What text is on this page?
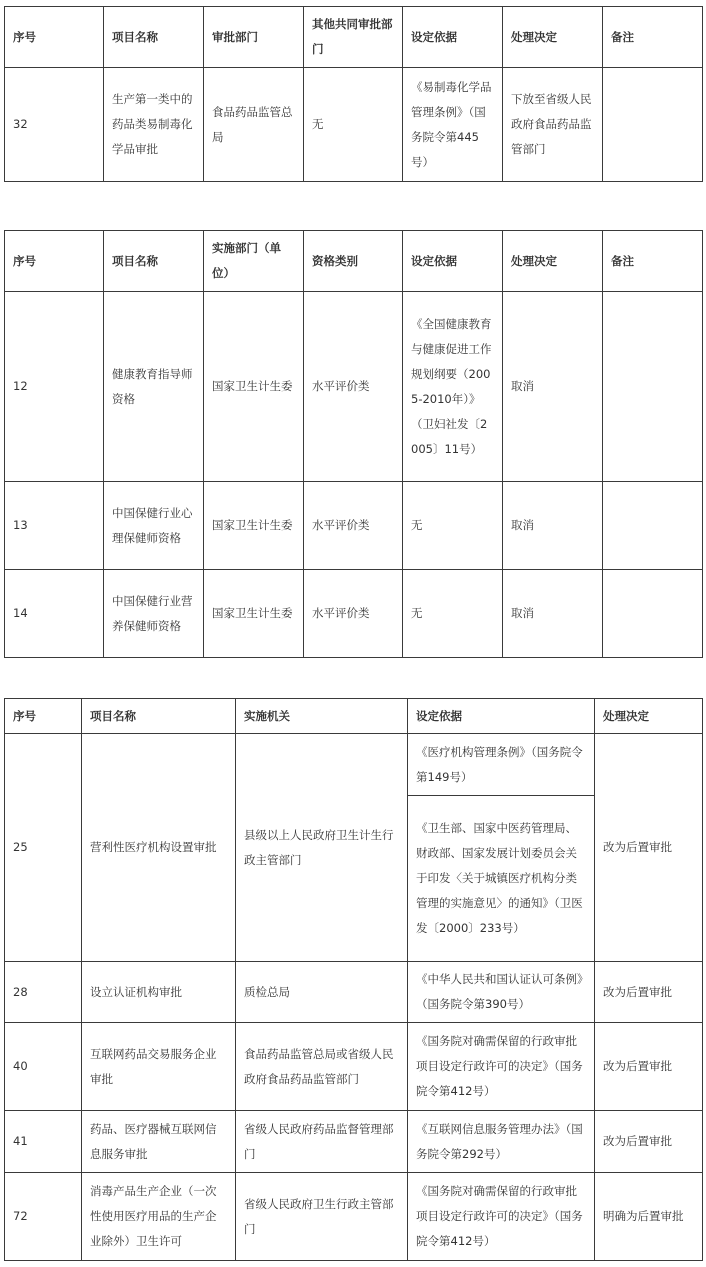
序号	项目名称	审批部门	其他共同审批部门	设定依据	处理决定	备注
32	生产第一类中的药品类易制毒化学品审批	食品药品监管总局	无	《易制毒化学品管理条例》（国务院令第445号）	下放至省级人民政府食品药品监管部门	
序号	项目名称	实施部门（单位）	资格类别	设定依据	处理决定	备注
12	健康教育指导师资格	国家卫生计生委	水平评价类	《全国健康教育与健康促进工作规划纲要（2005-2010年）》（卫妇社发〔2005〕11号）	取消	
13	中国保健行业心理保健师资格	国家卫生计生委	水平评价类	无	取消	
14	中国保健行业营养保健师资格	国家卫生计生委	水平评价类	无	取消	
序号	项目名称	实施机关	设定依据	处理决定
25	营利性医疗机构设置审批	县级以上人民政府卫生计生行政主管部门	《医疗机构管理条例》（国务院令第149号）	改为后置审批
			《卫生部、国家中医药管理局、财政部、国家发展计划委员会关于印发〈关于城镇医疗机构分类管理的实施意见〉的通知》（卫医发〔2000〕233号）	
28	设立认证机构审批	质检总局	《中华人民共和国认证认可条例》（国务院令第390号）	改为后置审批
40	互联网药品交易服务企业审批	食品药品监管总局或省级人民政府食品药品监管部门	《国务院对确需保留的行政审批项目设定行政许可的决定》（国务院令第412号）	改为后置审批
41	药品、医疗器械互联网信息服务审批	省级人民政府药品监督管理部门	《互联网信息服务管理办法》（国务院令第292号）	改为后置审批
72	消毒产品生产企业（一次性使用医疗用品的生产企业除外）卫生许可	省级人民政府卫生行政主管部门	《国务院对确需保留的行政审批项目设定行政许可的决定》（国务院令第412号）	明确为后置审批
